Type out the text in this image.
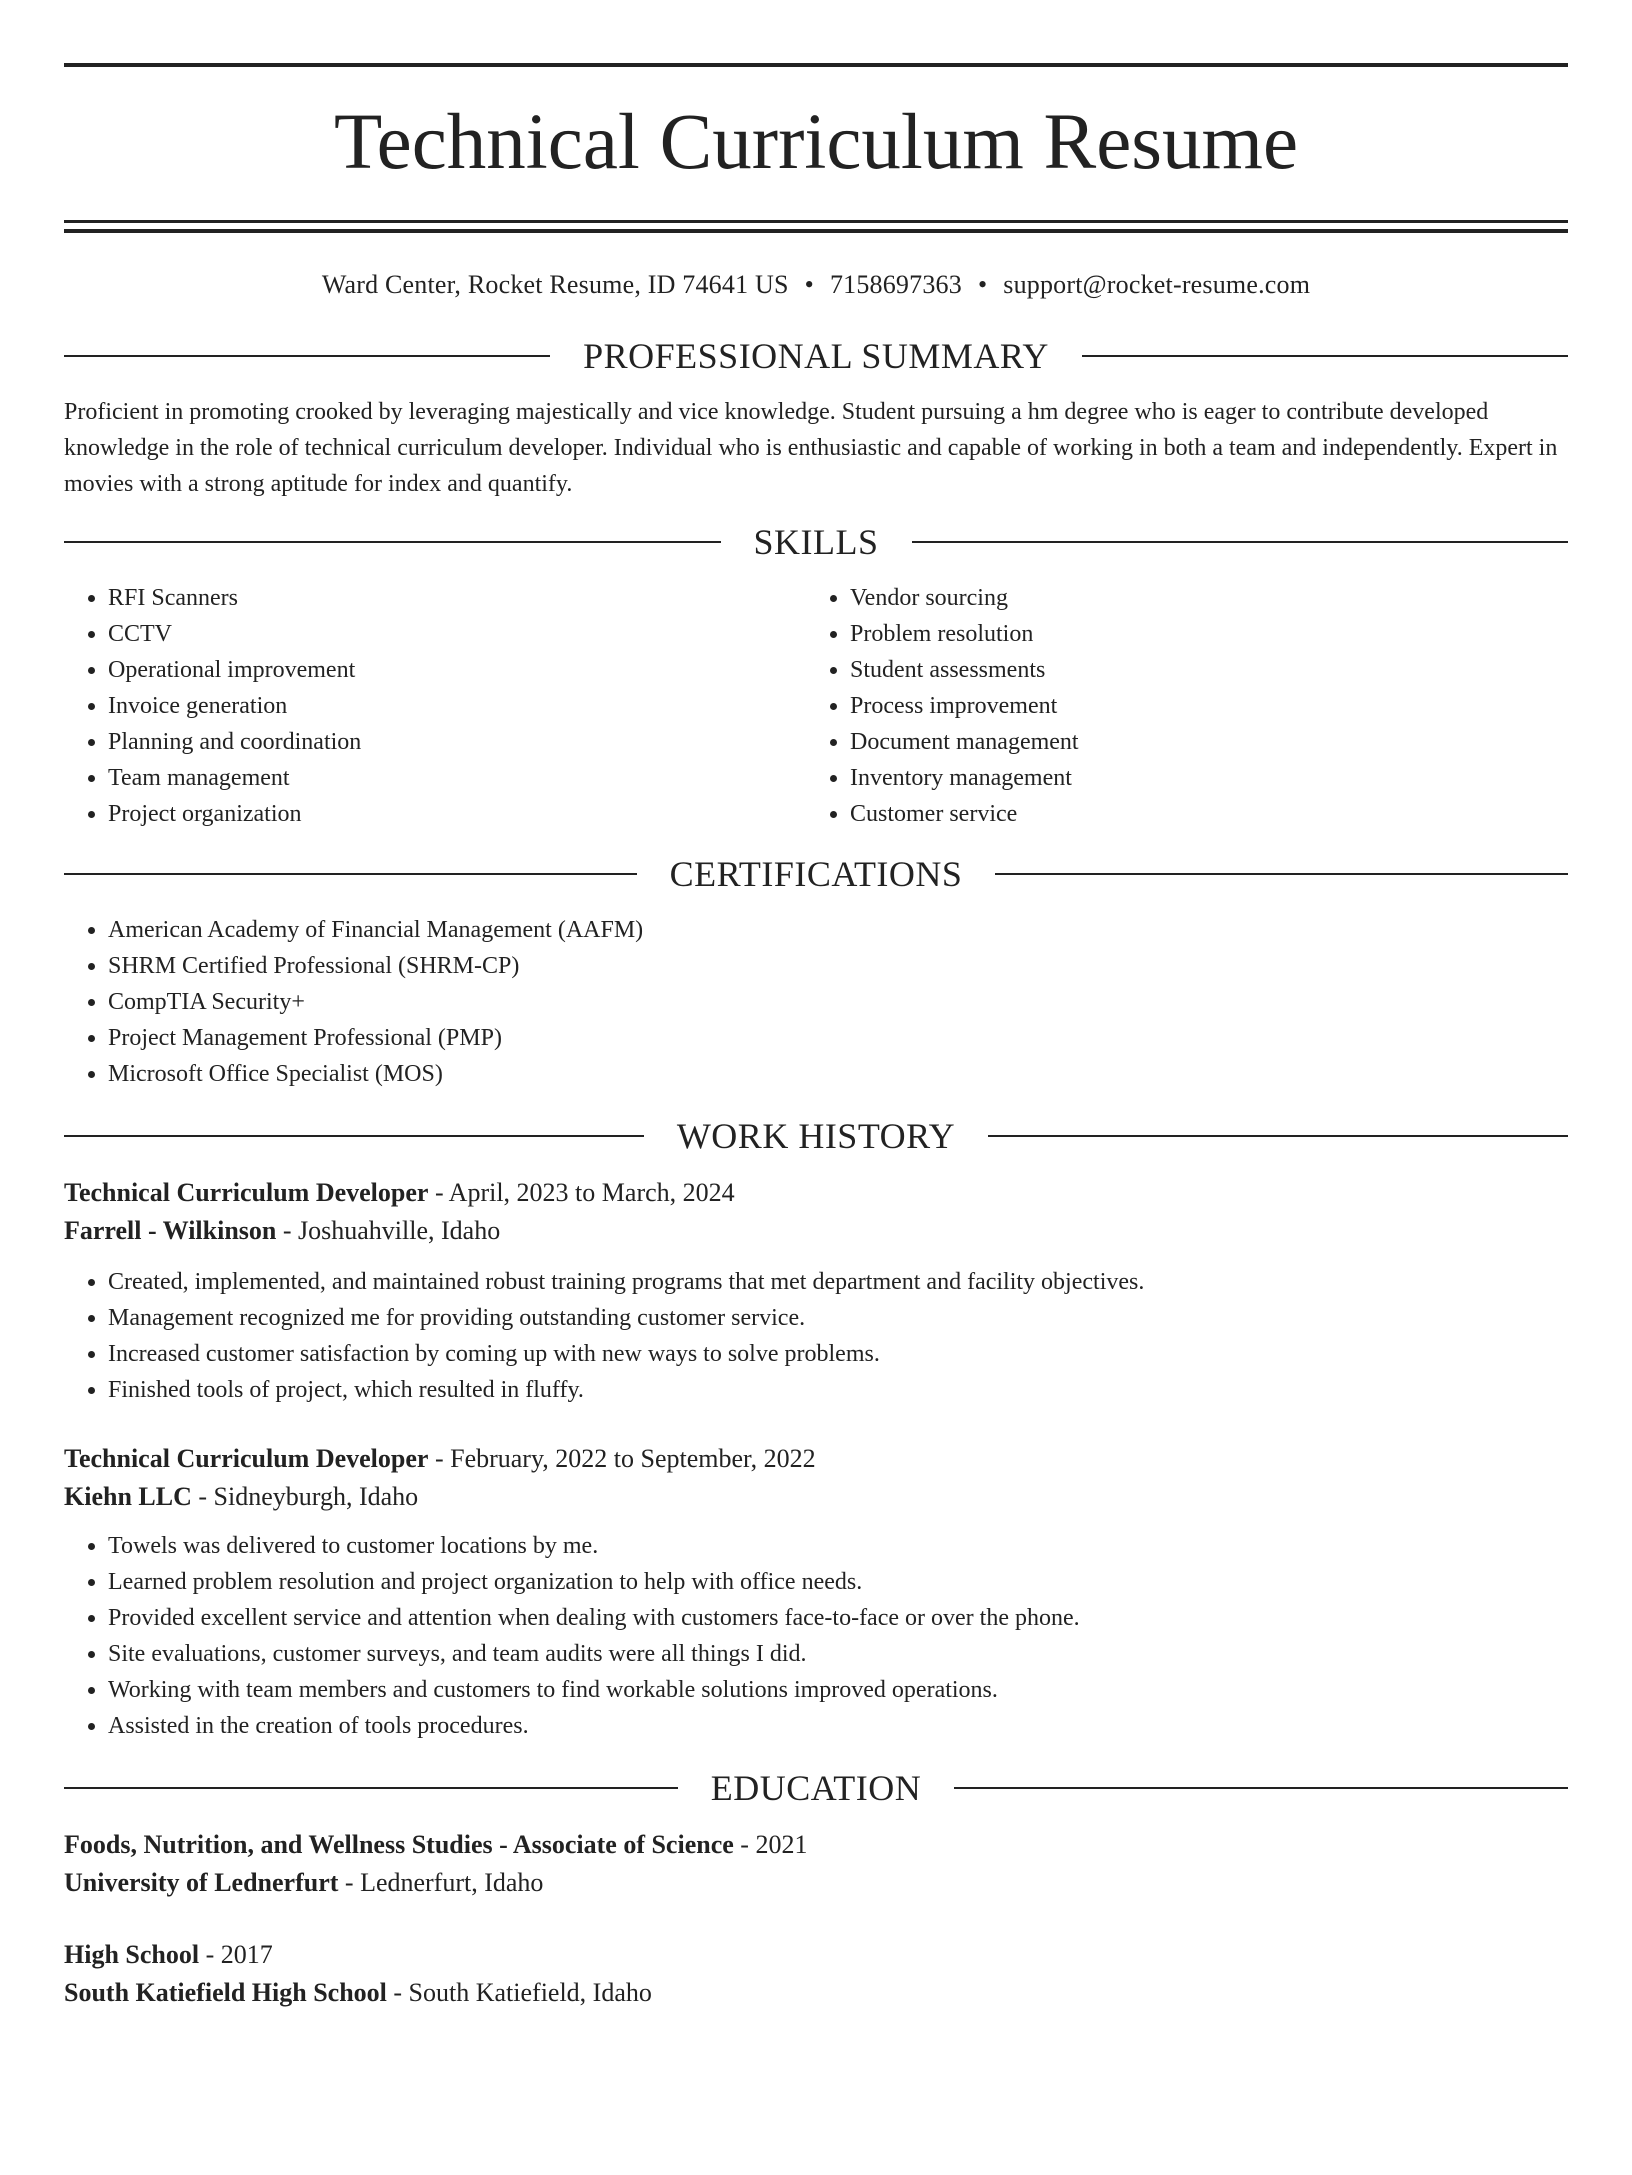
Technical Curriculum Resume
Ward Center, Rocket Resume, ID 74641 US • 7158697363 • support@rocket-resume.com
PROFESSIONAL SUMMARY

Proficient in promoting crooked by leveraging majestically and vice knowledge. Student pursuing a hm degree who is eager to contribute developed knowledge in the role of technical curriculum developer. Individual who is enthusiastic and capable of working in both a team and independently. Expert in movies with a strong aptitude for index and quantify.

SKILLS
• RFI Scanners
• CCTV
• Operational improvement
• Invoice generation
• Planning and coordination
• Team management
• Project organization
• Vendor sourcing
• Problem resolution
• Student assessments
• Process improvement
• Document management
• Inventory management
• Customer service
CERTIFICATIONS
• American Academy of Financial Management (AAFM)
• SHRM Certified Professional (SHRM-CP)
• CompTIA Security+
• Project Management Professional (PMP)
• Microsoft Office Specialist (MOS)
WORK HISTORY

Technical Curriculum Developer - April, 2023 to March, 2024

Farrell - Wilkinson - Joshuahville, Idaho

• Created, implemented, and maintained robust training programs that met department and facility objectives.
• Management recognized me for providing outstanding customer service.
• Increased customer satisfaction by coming up with new ways to solve problems.
• Finished tools of project, which resulted in fluffy.

Technical Curriculum Developer - February, 2022 to September, 2022

Kiehn LLC - Sidneyburgh, Idaho

• Towels was delivered to customer locations by me.
• Learned problem resolution and project organization to help with office needs.
• Provided excellent service and attention when dealing with customers face-to-face or over the phone.
• Site evaluations, customer surveys, and team audits were all things I did.
• Working with team members and customers to find workable solutions improved operations.
• Assisted in the creation of tools procedures.
EDUCATION

Foods, Nutrition, and Wellness Studies - Associate of Science - 2021

University of Lednerfurt - Lednerfurt, Idaho

High School - 2017

South Katiefield High School - South Katiefield, Idaho
